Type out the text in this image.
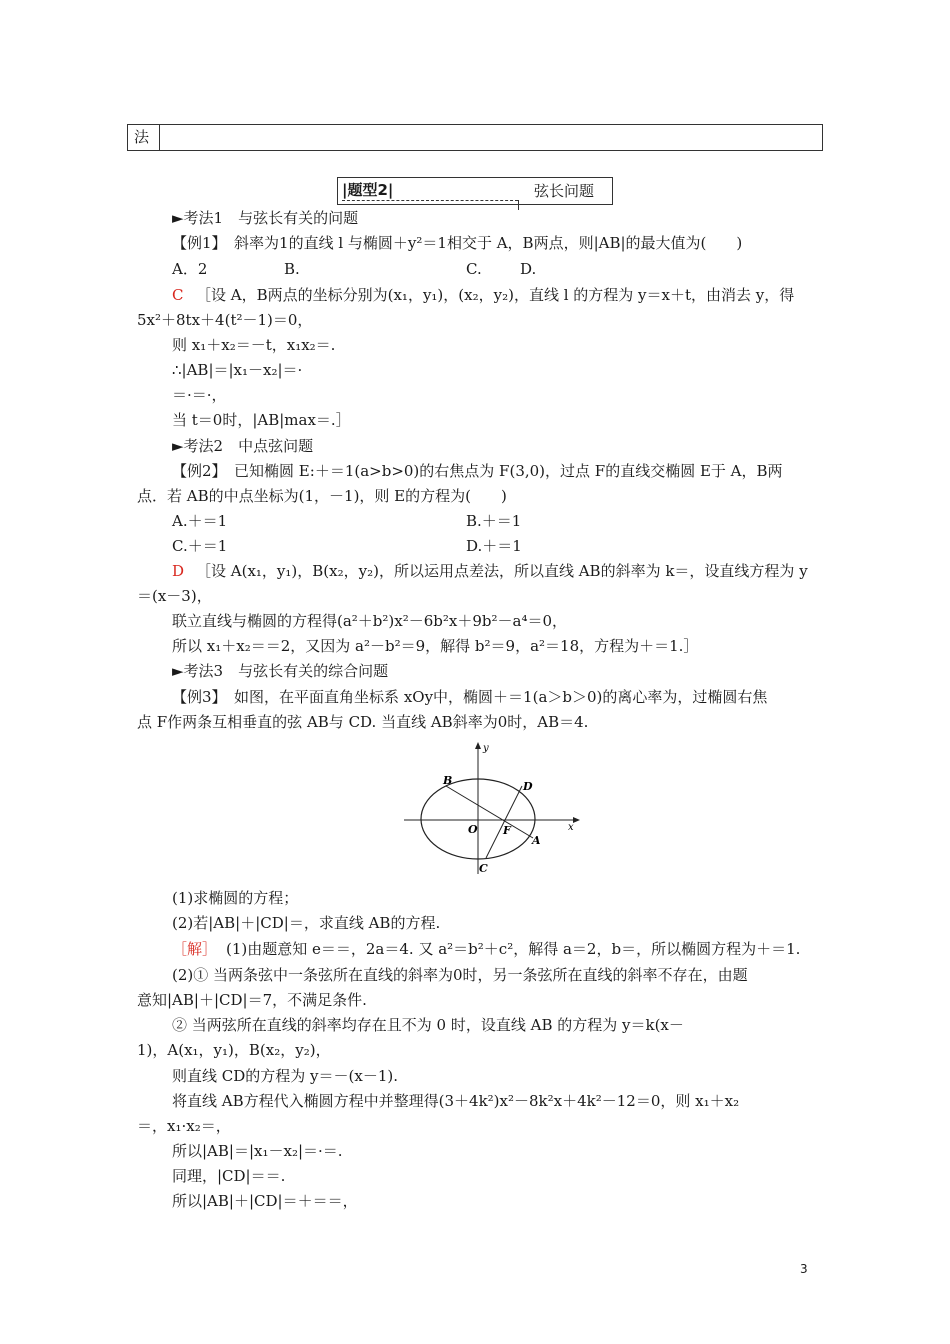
法
|题型2|	弦长问题
►考法1　与弦长有关的问题
【例1】　斜率为1的直线 l 与椭圆＋y²＝1相交于 A，B两点，则|AB|的最大值为(　　)
A．2	B.	C.	D.
C ［设 A，B两点的坐标分别为(x₁，y₁)，(x₂，y₂)，直线 l 的方程为 y＝x＋t，由消去 y，得
5x²＋8tx＋4(t²－1)＝0，
则 x₁＋x₂＝－t，x₁x₂＝.
∴|AB|＝|x₁－x₂|＝·
＝·＝·，
当 t＝0时，|AB|max＝.］
►考法2　中点弦问题
【例2】　已知椭圆 E:＋＝1(a>b>0)的右焦点为 F(3,0)，过点 F的直线交椭圆 E于 A，B两
点．若 AB的中点坐标为(1，－1)，则 E的方程为(　　)
A.＋＝1	B.＋＝1
C.＋＝1	D.＋＝1
D ［设 A(x₁，y₁)，B(x₂，y₂)，所以运用点差法，所以直线 AB的斜率为 k＝，设直线方程为 y
＝(x－3)，
联立直线与椭圆的方程得(a²＋b²)x²－6b²x＋9b²－a⁴＝0，
所以 x₁＋x₂＝＝2，又因为 a²－b²＝9，解得 b²＝9，a²＝18，方程为＋＝1.］
►考法3　与弦长有关的综合问题
【例3】　如图，在平面直角坐标系 xOy中，椭圆＋＝1(a＞b＞0)的离心率为，过椭圆右焦
点 F作两条互相垂直的弦 AB与 CD. 当直线 AB斜率为0时，AB＝4.
y
x
O F
A
B
C
D
(1)求椭圆的方程；
(2)若|AB|＋|CD|＝，求直线 AB的方程.
［解］ (1)由题意知 e＝＝，2a＝4. 又 a²＝b²＋c²，解得 a＝2，b＝，所以椭圆方程为＋＝1.
(2)① 当两条弦中一条弦所在直线的斜率为0时，另一条弦所在直线的斜率不存在，由题
意知|AB|＋|CD|＝7，不满足条件.
② 当两弦所在直线的斜率均存在且不为 0 时，设直线 AB 的方程为 y＝k(x－
1)，A(x₁，y₁)，B(x₂，y₂)，
则直线 CD的方程为 y＝－(x－1).
将直线 AB方程代入椭圆方程中并整理得(3＋4k²)x²－8k²x＋4k²－12＝0，则 x₁＋x₂
＝，x₁·x₂＝，
所以|AB|＝|x₁－x₂|＝·＝.
同理，|CD|＝＝.
所以|AB|＋|CD|＝＋＝＝，
3
